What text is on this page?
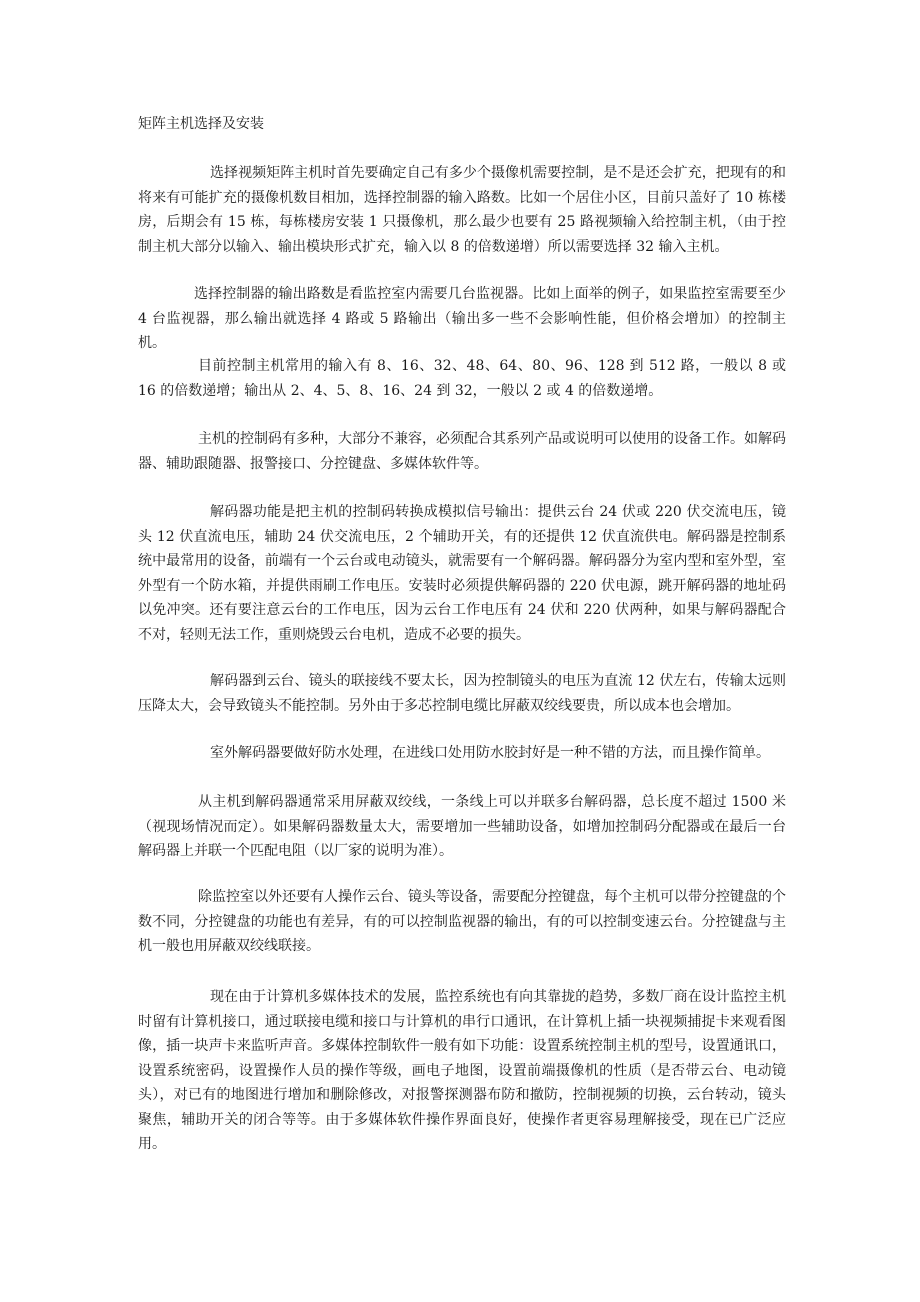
矩阵主机选择及安装

选择视频矩阵主机时首先要确定自己有多少个摄像机需要控制，是不是还会扩充，把现有的和将来有可能扩充的摄像机数目相加，选择控制器的输入路数。比如一个居住小区，目前只盖好了 10 栋楼房，后期会有 15 栋，每栋楼房安装 1 只摄像机，那么最少也要有 25 路视频输入给控制主机，（由于控制主机大部分以输入、输出模块形式扩充，输入以 8 的倍数递增）所以需要选择 32 输入主机。

选择控制器的输出路数是看监控室内需要几台监视器。比如上面举的例子，如果监控室需要至少 4 台监视器，那么输出就选择 4 路或 5 路输出（输出多一些不会影响性能，但价格会增加）的控制主机。

目前控制主机常用的输入有 8、16、32、48、64、80、96、128 到 512 路，一般以 8 或 16 的倍数递增；输出从 2、4、5、8、16、24 到 32，一般以 2 或 4 的倍数递增。

主机的控制码有多种，大部分不兼容，必须配合其系列产品或说明可以使用的设备工作。如解码器、辅助跟随器、报警接口、分控键盘、多媒体软件等。

解码器功能是把主机的控制码转换成模拟信号输出：提供云台 24 伏或 220 伏交流电压，镜头 12 伏直流电压，辅助 24 伏交流电压，2 个辅助开关，有的还提供 12 伏直流供电。解码器是控制系统中最常用的设备，前端有一个云台或电动镜头，就需要有一个解码器。解码器分为室内型和室外型，室外型有一个防水箱，并提供雨刷工作电压。安装时必须提供解码器的 220 伏电源，跳开解码器的地址码以免冲突。还有要注意云台的工作电压，因为云台工作电压有 24 伏和 220 伏两种，如果与解码器配合不对，轻则无法工作，重则烧毁云台电机，造成不必要的损失。

解码器到云台、镜头的联接线不要太长，因为控制镜头的电压为直流 12 伏左右，传输太远则压降太大，会导致镜头不能控制。另外由于多芯控制电缆比屏蔽双绞线要贵，所以成本也会增加。

室外解码器要做好防水处理，在进线口处用防水胶封好是一种不错的方法，而且操作简单。

从主机到解码器通常采用屏蔽双绞线，一条线上可以并联多台解码器，总长度不超过 1500 米（视现场情况而定）。如果解码器数量太大，需要增加一些辅助设备，如增加控制码分配器或在最后一台解码器上并联一个匹配电阻（以厂家的说明为准）。

除监控室以外还要有人操作云台、镜头等设备，需要配分控键盘，每个主机可以带分控键盘的个数不同，分控键盘的功能也有差异，有的可以控制监视器的输出，有的可以控制变速云台。分控键盘与主机一般也用屏蔽双绞线联接。

现在由于计算机多媒体技术的发展，监控系统也有向其靠拢的趋势，多数厂商在设计监控主机时留有计算机接口，通过联接电缆和接口与计算机的串行口通讯，在计算机上插一块视频捕捉卡来观看图像，插一块声卡来监听声音。多媒体控制软件一般有如下功能：设置系统控制主机的型号，设置通讯口，设置系统密码，设置操作人员的操作等级，画电子地图，设置前端摄像机的性质（是否带云台、电动镜头），对已有的地图进行增加和删除修改，对报警探测器布防和撤防，控制视频的切换，云台转动，镜头聚焦，辅助开关的闭合等等。由于多媒体软件操作界面良好，使操作者更容易理解接受，现在已广泛应用。
